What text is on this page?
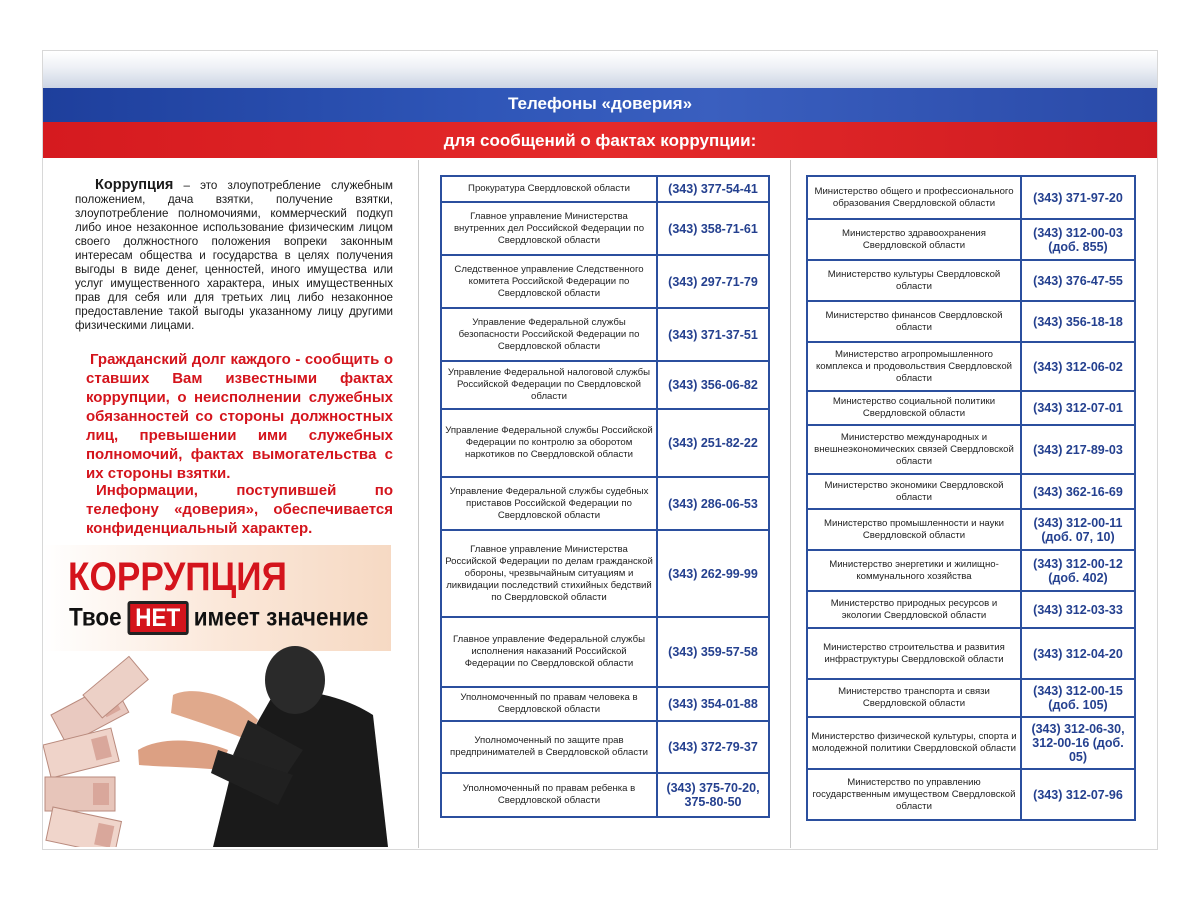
Телефоны «доверия»
для сообщений о фактах коррупции:

Коррупция – это злоупотребление служебным положением, дача взятки, получение взятки, злоупотребление полномочиями, коммерческий подкуп либо иное незаконное использование физическим лицом своего должностного положения вопреки законным интересам общества и государства в целях получения выгоды в виде денег, ценностей, иного имущества или услуг имущественного характера, иных имущественных прав для себя или для третьих лиц либо незаконное предоставление такой выгоды указанному лицу другими физическими лицами.

Гражданский долг каждого - сообщить о ставших Вам известными фактах коррупции, о неисполнении служебных обязанностей со стороны должностных лиц, превышении ими служебных полномочий, фактах вымогательства с их стороны взятки.

Информации, поступившей по телефону «доверия», обеспечивается конфиденциальный характер.

КОРРУПЦИЯ
Твое НЕТ имеет значение
Прокуратура Свердловской области	(343) 377-54-41
Главное управление Министерства внутренних дел Российской Федерации по Свердловской области	(343) 358-71-61
Следственное управление Следственного комитета Российской Федерации по Свердловской области	(343) 297-71-79
Управление Федеральной службы безопасности Российской Федерации по Свердловской области	(343) 371-37-51
Управление Федеральной налоговой службы Российской Федерации по Свердловской области	(343) 356-06-82
Управление Федеральной службы Российской Федерации по контролю за оборотом наркотиков по Свердловской области	(343) 251-82-22
Управление Федеральной службы судебных приставов Российской Федерации по Свердловской области	(343) 286-06-53
Главное управление Министерства Российской Федерации по делам гражданской обороны, чрезвычайным ситуациям и ликвидации последствий стихийных бедствий по Свердловской области	(343) 262-99-99
Главное управление Федеральной службы исполнения наказаний Российской Федерации по Свердловской области	(343) 359-57-58
Уполномоченный по правам человека в Свердловской области	(343) 354-01-88
Уполномоченный по защите прав предпринимателей в Свердловской области	(343) 372-79-37
Уполномоченный по правам ребенка в Свердловской области	(343) 375-70-20, 375-80-50
Министерство общего и профессионального образования Свердловской области	(343) 371-97-20
Министерство здравоохранения Свердловской области	(343) 312-00-03 (доб. 855)
Министерство культуры Свердловской области	(343) 376-47-55
Министерство финансов Свердловской области	(343) 356-18-18
Министерство агропромышленного комплекса и продовольствия Свердловской области	(343) 312-06-02
Министерство социальной политики Свердловской области	(343) 312-07-01
Министерство международных и внешнеэкономических связей Свердловской области	(343) 217-89-03
Министерство экономики Свердловской области	(343) 362-16-69
Министерство промышленности и науки Свердловской области	(343) 312-00-11 (доб. 07, 10)
Министерство энергетики и жилищно-коммунального хозяйства	(343) 312-00-12 (доб. 402)
Министерство природных ресурсов и экологии Свердловской области	(343) 312-03-33
Министерство строительства и развития инфраструктуры Свердловской области	(343) 312-04-20
Министерство транспорта и связи Свердловской области	(343) 312-00-15 (доб. 105)
Министерство физической культуры, спорта и молодежной политики Свердловской области	(343) 312-06-30, 312-00-16 (доб. 05)
Министерство по управлению государственным имуществом Свердловской области	(343) 312-07-96
